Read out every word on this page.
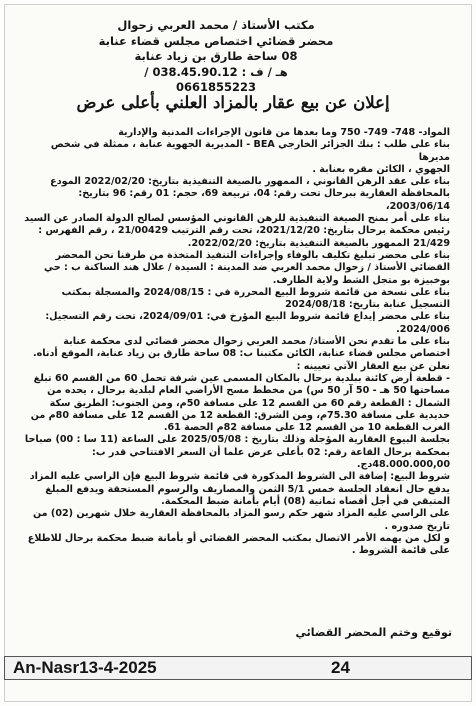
مكتب الأستاذ / محمد العربي زحوال
محضر قضائي اختصاص مجلس قضاء عنابة
08 ساحة طارق بن زياد عنابة
هـ / ف : 038.45.90.12 /
0661855223
إعلان عن بيع عقار بالمزاد العلني بأعلى عرض

المواد- 748- 749- 750 وما بعدها من قانون الإجراءات المدنية والإدارية

بناء على طلب : بنك الجزائر الخارجي BEA - المديرية الجهوية عنابة ، ممثلة في شخص مديرها

الجهوي ، الكائن مقره بعنابة .

بناء على عقد الرهن القانوني ، الممهور بالصيغة التنفيذية بتاريخ: 2022/02/20 المودع بالمحافظة العقارية ببرحال تحت رقم: 04، تربيعة 69، حجم: 01 رقم: 96 بتاريخ: 2003/06/14،

بناء على أمر بمنح الصيغة التنفيذية للرهن القانوني المؤسس لصالح الدولة الصادر عن السيد رئيس محكمة برحال بتاريخ: 2021/12/20، تحت رقم الترتيب 21/00429 ، رقم الفهرس : 21/429 الممهور بالصيغة التنفيذية بتاريخ: 2022/02/20.

بناء على محضر تبليغ تكليف بالوفاء وإجراءات التنفيذ المتخذة من طرفنا نحن المحضر القضائي الأستاذ / زحوال محمد العربي ضد المدينة : السيدة / علال هند الساكنة ب : حي بوخبيزة بو متجل الشط ولاية الطارف.

بناء على نسخة من قائمة شروط البيع المحررة في : 2024/08/15 والمسجلة بمكتب التسجيل عنابة بتاريخ: 2024/08/18

بناء على محضر إيداع قائمة شروط البيع المؤرخ في: 2024/09/01، تحت رقم التسجيل: 2024/006.

بناء على ما تقدم نحن الأستاذ/ محمد العربي زحوال محضر قضائي لدى محكمة عنابة اختصاص مجلس قضاء عنابة، الكائن مكتبنا ب: 08 ساحة طارق بن زياد عنابة، الموقع أدناه.

نعلن عن بيع العقار الآتي تعيينه :

- قطعة أرض كائنة ببلدية برحال بالمكان المسمى عين شرفة تحمل 60 من القسم 60 تبلغ مساحتها 50 هـ - 50 آر 50 س) من مخطط مسح الأراضي العام لبلدية برحال ، يحده من الشمال : القطعة رقم 60 من القسم 12 على مسافة 50م، ومن الجنوب: الطريق سكة حديدية على مسافة 75.30م، ومن الشرق: القطعة 12 من القسم 12 على مسافة 80م من الغرب القطعة 10 من القسم 12 على مسافة 82م الحصة 61.

بجلسة البيوع العقارية المؤجلة وذلك بتاريخ : 2025/05/08 على الساعة (11 سا : 00) صباحا بمحكمة برحال القاعة رقم: 02 بأعلى عرض علما أن السعر الافتتاحي قدر ب: 48.000.000,00دج.

شروط البيع: إضافة الى الشروط المذكورة في قائمة شروط البيع فإن الراسي عليه المزاد يدفع حال انعقاد الجلسة خمس 5/1 الثمن والمصاريف والرسوم المستحقة ويدفع المبلغ المتبقي في أجل أقصاه ثمانية (08) أيام بأمانة ضبط المحكمة.

على الراسي عليه المزاد شهر حكم رسو المزاد بالمحافظة العقارية خلال شهرين (02) من تاريخ صدوره .

و لكل من يهمه الأمر الاتصال بمكتب المحضر القضائي أو بأمانة ضبط محكمة برحال للاطلاع على قائمة الشروط .

توقيع وختم المحضر القضائي
An-Nasr13-4-2025	24
